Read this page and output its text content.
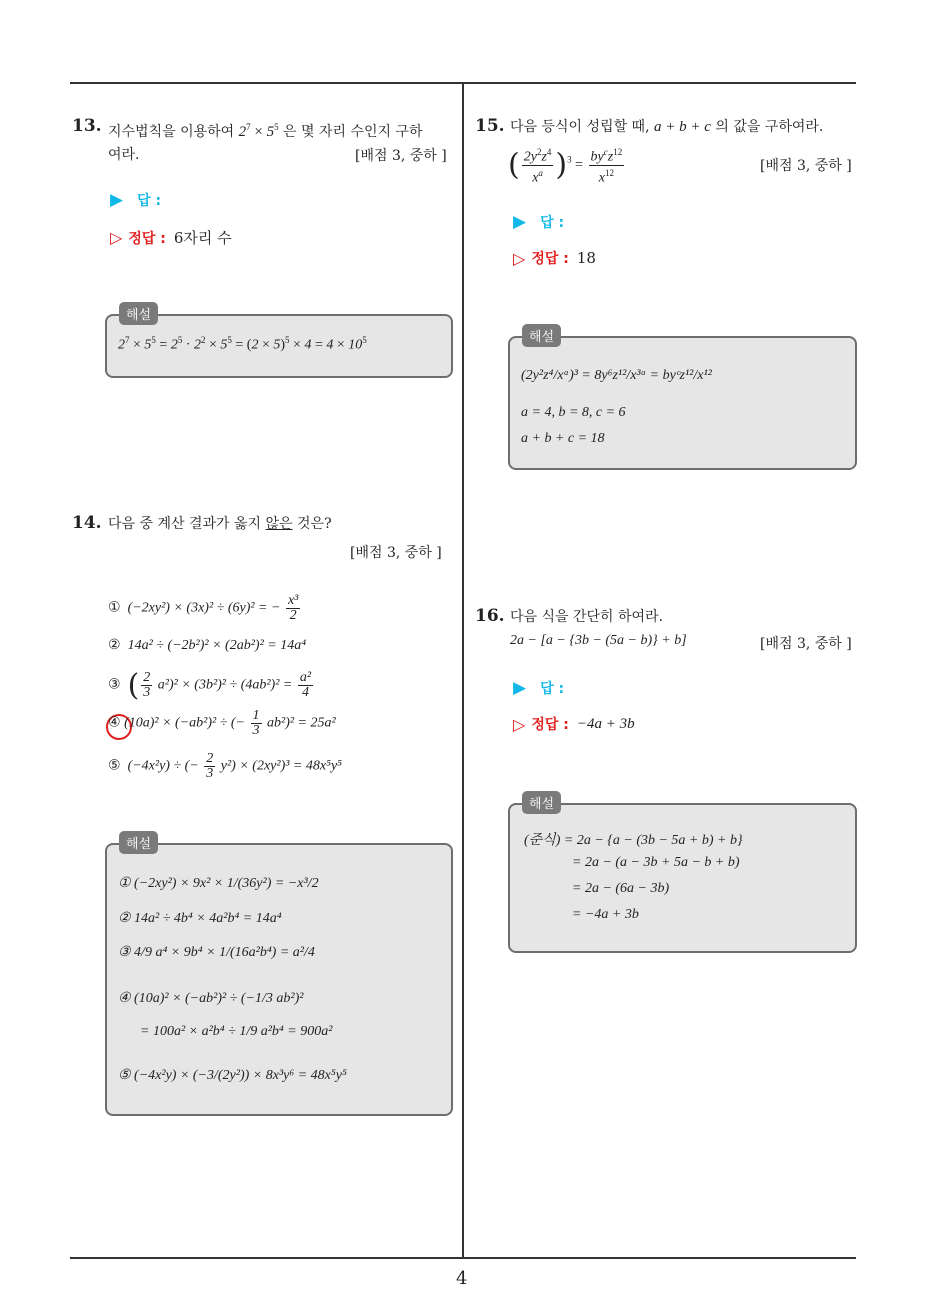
13. 지수법칙을 이용하여 $2^7 \times 5^5$ 은 몇 자리 수인지 구하
여라.	[배점 3, 중하 ]
▶ 답 :
▷ 정답 : 6자리 수
해설
$2^7 \times 5^5 = 2^5 \cdot 2^2 \times 5^5 = (2 \times 5)^5 \times 4 = 4 \times 10^5$
14. 다음 중 계산 결과가 옳지 않은 것은?
[배점 3, 중하 ]
① (−2xy²) × (3x)² ÷ (6y)² = − $\frac{\text{x³}}{2}$
② 14a² ÷ (−2b²)² × (2ab²)² = 14a⁴
③ ( $\frac{2}{3} a^2)^2 \times (3b^2)^2 \div (4ab^2)^2 = \frac{\text{a²}}{4}$
④ (10a)² × (−ab²)² ÷ (− $\frac{1}{3} ab^2)^2 = 25a^2$
⑤ (−4x²y) ÷ (− $\frac{2}{3} y^2) \times (2xy^2)^3 = 48x^5y^5$
해설
① (−2xy²) × 9x² × 1/(36y²) = −x³/2
② 14a² ÷ 4b⁴ × 4a²b⁴ = 14a⁴
③ 4/9 a⁴ × 9b⁴ × 1/(16a²b⁴) = a²/4
④ (10a)² × (−ab²)² ÷ (−1/3 ab²)²
= 100a² × a²b⁴ ÷ 1/9 a²b⁴ = 900a²
⑤ (−4x²y) × (−3/(2y²)) × 8x³y⁶ = 48x⁵y⁵
15. 다음 등식이 성립할 때, a + b + c 의 값을 구하여라.
( $\frac{2y^2z^4}{x^a} )^3 = \frac{by^cz^{12}}{x^{12}}$	[배점 3, 중하 ]
▶ 답 :
▷ 정답 : 18
해설
(2y²z⁴/xᵃ)³ = 8y⁶z¹²/x³ᵃ = byᶜz¹²/x¹²
a = 4, b = 8, c = 6
a + b + c = 18
16. 다음 식을 간단히 하여라.
2a − [a − {3b − (5a − b)} + b]	[배점 3, 중하 ]
▶ 답 :
▷ 정답 : −4a + 3b
해설
(준식) = 2a − {a − (3b − 5a + b) + b}
= 2a − (a − 3b + 5a − b + b)
= 2a − (6a − 3b)
= −4a + 3b
4
